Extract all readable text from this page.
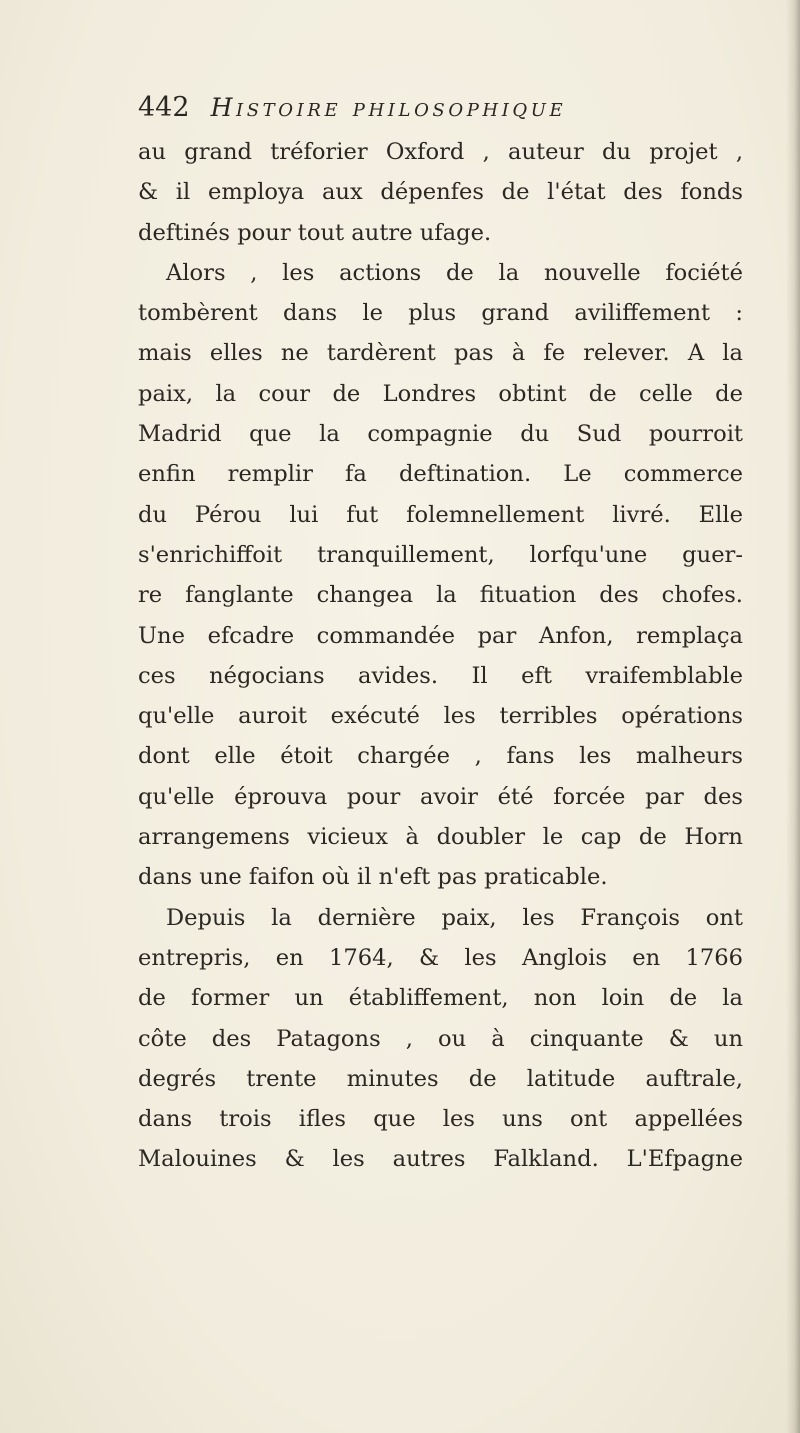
442 Histoire philosophique
au grand tréforier Oxford , auteur du projet ,
& il employa aux dépenfes de l'état des fonds
deftinés pour tout autre ufage.
Alors , les actions de la nouvelle fociété
tombèrent dans le plus grand aviliffement :
mais elles ne tardèrent pas à fe relever. A la
paix, la cour de Londres obtint de celle de
Madrid que la compagnie du Sud pourroit
enfin remplir fa deftination. Le commerce
du Pérou lui fut folemnellement livré. Elle
s'enrichiffoit tranquillement, lorfqu'une guer-
re fanglante changea la fituation des chofes.
Une efcadre commandée par Anfon, remplaça
ces négocians avides. Il eft vraifemblable
qu'elle auroit exécuté les terribles opérations
dont elle étoit chargée , fans les malheurs
qu'elle éprouva pour avoir été forcée par des
arrangemens vicieux à doubler le cap de Horn
dans une faifon où il n'eft pas praticable.
Depuis la dernière paix, les François ont
entrepris, en 1764, & les Anglois en 1766
de former un établiffement, non loin de la
côte des Patagons , ou à cinquante & un
degrés trente minutes de latitude auftrale,
dans trois ifles que les uns ont appellées
Malouines & les autres Falkland. L'Efpagne
